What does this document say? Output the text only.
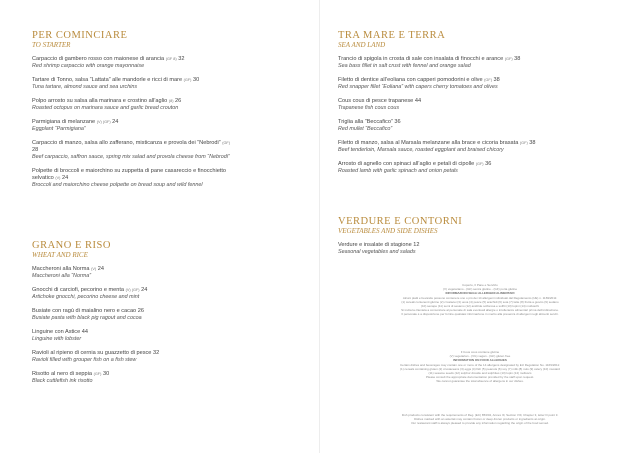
PER COMINCIARE
TO STARTER
Carpaccio di gambero rosso con maionese di arancia (GF 8) 32
Red shrimp carpaccio with orange mayonnaise
Tartare di Tonno, salsa “Lattata” alle mandorle e ricci di mare (GF) 30
Tuna tartare, almond sauce and sea urchins
Polpo arrosto su salsa alla marinara e crostino all’aglio (8) 26
Roasted octopus on marinara sauce and garlic bread crouton
Parmigiana di melanzane (V) (GF) 24
Eggplant “Parmigiana”
Carpaccio di manzo, salsa allo zafferano, misticanza e provola dei “Nebrodi” (GF) 28
Beef carpaccio, saffron sauce, spring mix salad and provola cheese from “Nebrodi”
Polpette di broccoli e maiorchino su zuppetta di pane casareccio e finocchietto selvatico (V) 24
Broccoli and maiorchino cheese polpette on bread soup and wild fennel
GRANO E RISO
WHEAT AND RICE
Maccheroni alla Norma (V) 24
Maccheroni alla “Norma”
Gnocchi di carciofi, pecorino e menta (V) (GF) 24
Artichoke gnocchi, pecorino cheese and mint
Busiate con ragù di maialino nero e cacao 26
Busiate pasta with black pig ragout and cocoa
Linguine con Astice 44
Linguine with lobster
Ravioli al ripieno di cernia su guazzetto di pesce 32
Ravioli filled with grouper fish on a fish stew
Risotto al nero di seppia (GF) 30
Black cuttlefish ink risotto
TRA MARE E TERRA
SEA AND LAND
Trancio di spigola in crosta di sale con insalata di finocchi e arance (GF) 38
Sea bass fillet in salt crust with fennel and orange salad
Filetto di dentice all’eoliana con capperi pomodorini e olive (GF) 38
Red snapper fillet “Eoliana” with capers cherry tomatoes and olives
Cous cous di pesce trapanese 44
Trapanese fish cous cous
Triglia alla “Beccafico” 36
Red mullet “Beccafico”
Filetto di manzo, salsa al Marsala melanzane alla brace e cicoria brasata (GF) 38
Beef tenderloin, Marsala sauce, roasted eggplant and braised chicory
Arrosto di agnello con spinaci all’aglio e petali di cipolle (GF) 36
Roasted lamb with garlic spinach and onion petals
VERDURE E CONTORNI
VEGETABLES AND SIDE DISHES
Verdure e insalate di stagione 12
Seasonal vegetables and salads
Coperto, Il Pane e Servizio
(V) vegetariano - (GF) senza glutine - (GF) porta glutine
INFORMAZIONI SEGLI ALLERGENI ALIMENTARI
Alcuni piatti e bevande possono contenere uno o più dei 14 allergeni individuati dal Regolamento (UE) n. 1169/2011:
(1) cereali contenenti glutine (2) crostacei (3) uova (4) pesce (5) arachidi (6) soia (7) latte (8) frutta a guscio (9) sedano
(10) senape (11) semi di sesamo (12) anidride solforosa e solfiti (13) lupini (14) molluschi
Si invita la clientela a comunicare al personale di sala eventuali allergie o intolleranze alimentari prima dell'ordinazione.
Il personale è a disposizione per fornire qualsiasi informazione in merito alla presenza di allergeni negli alimenti serviti.
Il Cous cous contiene glutine
(V) vegetarian - (VG) vegan - (GF) gluten free
INFORMATION ON FOOD ALLERGIES
Certain dishes and beverages may contain one or more of the 14 allergens designated by EU Regulation No. 1169/2011:
(1) cereals containing gluten (2) crustaceans (3) eggs (4) fish (5) peanuts (6) soy (7) milk (8) nuts (9) celery (10) mustard
(11) sesame seeds (12) sulphur dioxide and sulphites (13) lupin (14) molluscs
Please consult the appropriate documentation provided by the staff upon request.
We cannot guarantee the total absence of allergens in our dishes.
Fish products consistent with the requirements of Reg. (EC) 853/04, Annex III, Section VIII, Chapter 3, letter D point 3.
Dishes marked with an asterisk may contain frozen or deep-frozen products or ingredients at origin.
Our restaurant staff is always pleased to provide any information regarding the origin of the food served.
